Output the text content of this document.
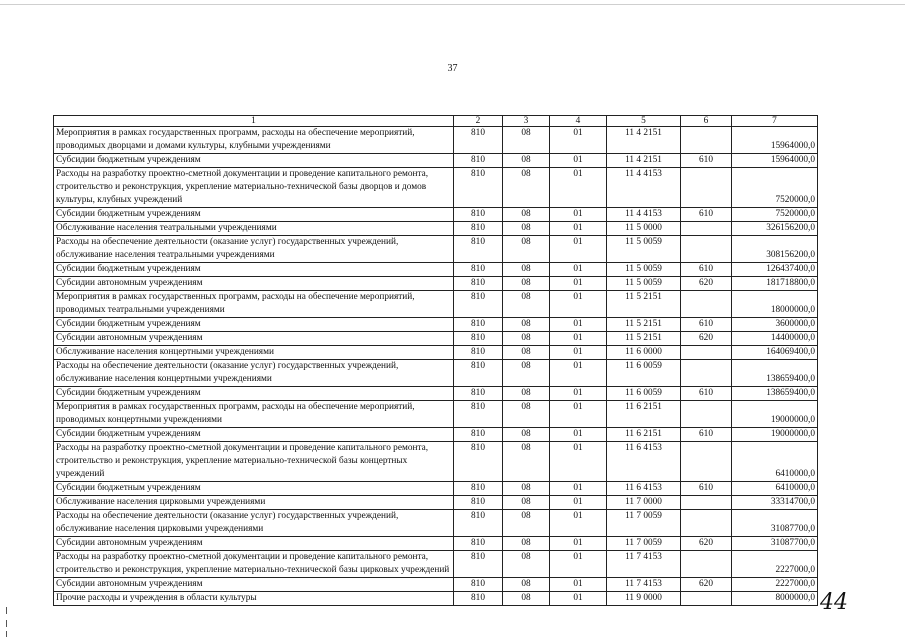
37
1	2	3	4	5	6	7
Мероприятия в рамках государственных программ, расходы на обеспечение мероприятий, проводимых дворцами и домами культуры, клубными учреждениями	810	08	01	11 4 2151		15964000,0
Субсидии бюджетным учреждениям	810	08	01	11 4 2151	610	15964000,0
Расходы на разработку проектно-сметной документации и проведение капитального ремонта, строительство и реконструкция, укрепление материально-технической базы дворцов и домов культуры, клубных учреждений	810	08	01	11 4 4153		7520000,0
Субсидии бюджетным учреждениям	810	08	01	11 4 4153	610	7520000,0
Обслуживание населения театральными учреждениями	810	08	01	11 5 0000		326156200,0
Расходы на обеспечение деятельности (оказание услуг) государственных учреждений, обслуживание населения театральными учреждениями	810	08	01	11 5 0059		308156200,0
Субсидии бюджетным учреждениям	810	08	01	11 5 0059	610	126437400,0
Субсидии автономным учреждениям	810	08	01	11 5 0059	620	181718800,0
Мероприятия в рамках государственных программ, расходы на обеспечение мероприятий, проводимых театральными учреждениями	810	08	01	11 5 2151		18000000,0
Субсидии бюджетным учреждениям	810	08	01	11 5 2151	610	3600000,0
Субсидии автономным учреждениям	810	08	01	11 5 2151	620	14400000,0
Обслуживание населения концертными учреждениями	810	08	01	11 6 0000		164069400,0
Расходы на обеспечение деятельности (оказание услуг) государственных учреждений, обслуживание населения концертными учреждениями	810	08	01	11 6 0059		138659400,0
Субсидии бюджетным учреждениям	810	08	01	11 6 0059	610	138659400,0
Мероприятия в рамках государственных программ, расходы на обеспечение мероприятий, проводимых концертными учреждениями	810	08	01	11 6 2151		19000000,0
Субсидии бюджетным учреждениям	810	08	01	11 6 2151	610	19000000,0
Расходы на разработку проектно-сметной документации и проведение капитального ремонта, строительство и реконструкция, укрепление материально-технической базы концертных учреждений	810	08	01	11 6 4153		6410000,0
Субсидии бюджетным учреждениям	810	08	01	11 6 4153	610	6410000,0
Обслуживание населения цирковыми учреждениями	810	08	01	11 7 0000		33314700,0
Расходы на обеспечение деятельности (оказание услуг) государственных учреждений, обслуживание населения цирковыми учреждениями	810	08	01	11 7 0059		31087700,0
Субсидии автономным учреждениям	810	08	01	11 7 0059	620	31087700,0
Расходы на разработку проектно-сметной документации и проведение капитального ремонта, строительство и реконструкция, укрепление материально-технической базы цирковых учреждений	810	08	01	11 7 4153		2227000,0
Субсидии автономным учреждениям	810	08	01	11 7 4153	620	2227000,0
Прочие расходы и учреждения в области культуры	810	08	01	11 9 0000		8000000,0 44
